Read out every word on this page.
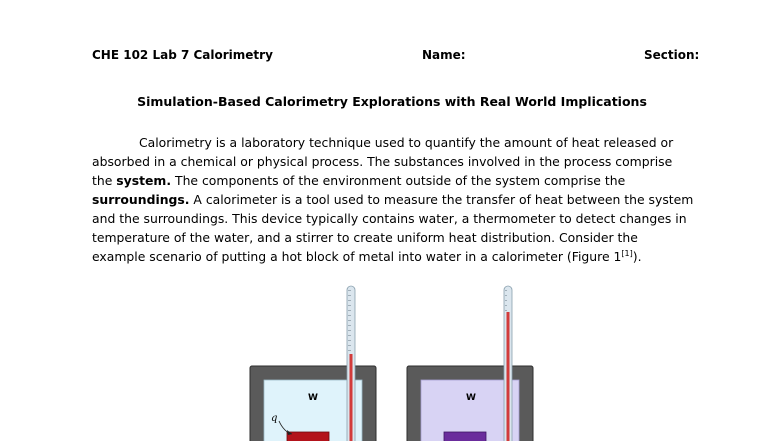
CHE 102 Lab 7 Calorimetry	Name:	Section:
Simulation-Based Calorimetry Explorations with Real World Implications
Calorimetry is a laboratory technique used to quantify the amount of heat released or
absorbed in a chemical or physical process. The substances involved in the process comprise
the system. The components of the environment outside of the system comprise the
surroundings. A calorimeter is a tool used to measure the transfer of heat between the system
and the surroundings. This device typically contains water, a thermometer to detect changes in
temperature of the water, and a stirrer to create uniform heat distribution. Consider the
example scenario of putting a hot block of metal into water in a calorimeter (Figure 1[1]).
W
q
W
